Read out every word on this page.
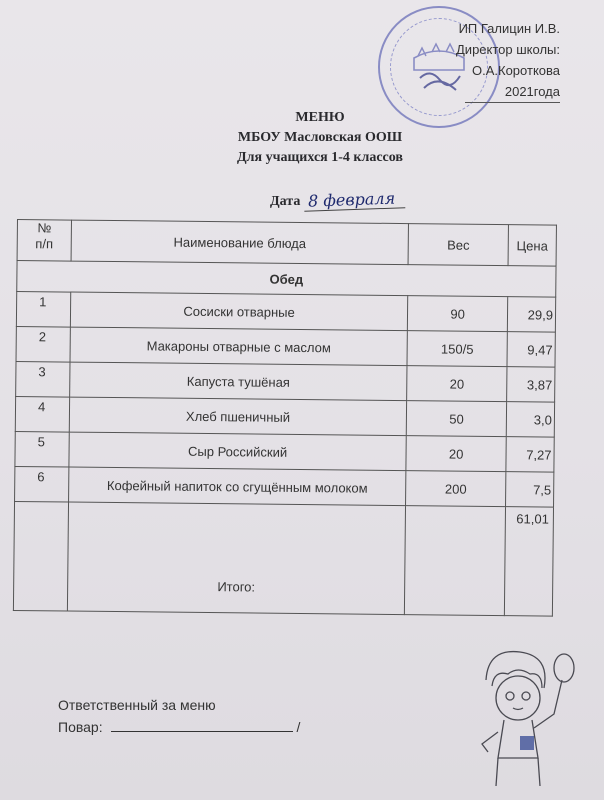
ИП Галицин И.В.
Директор школы:
О.А.Короткова
2021года
МЕНЮ
МБОУ Масловская ООШ
Для учащихся 1-4 классов
Дата 8 февраля
№
п/п	Наименование блюда	Вес	Цена
Обед			
1	Сосиски отварные	90	29,9
2	Макароны отварные с маслом	150/5	9,47
3	Капуста тушёная	20	3,87
4	Хлеб пшеничный	50	3,0
5	Сыр Российский	20	7,27
6	Кофейный напиток со сгущённым молоком	200	7,5
	Итого:		61,01
Ответственный за меню
Повар:	/
